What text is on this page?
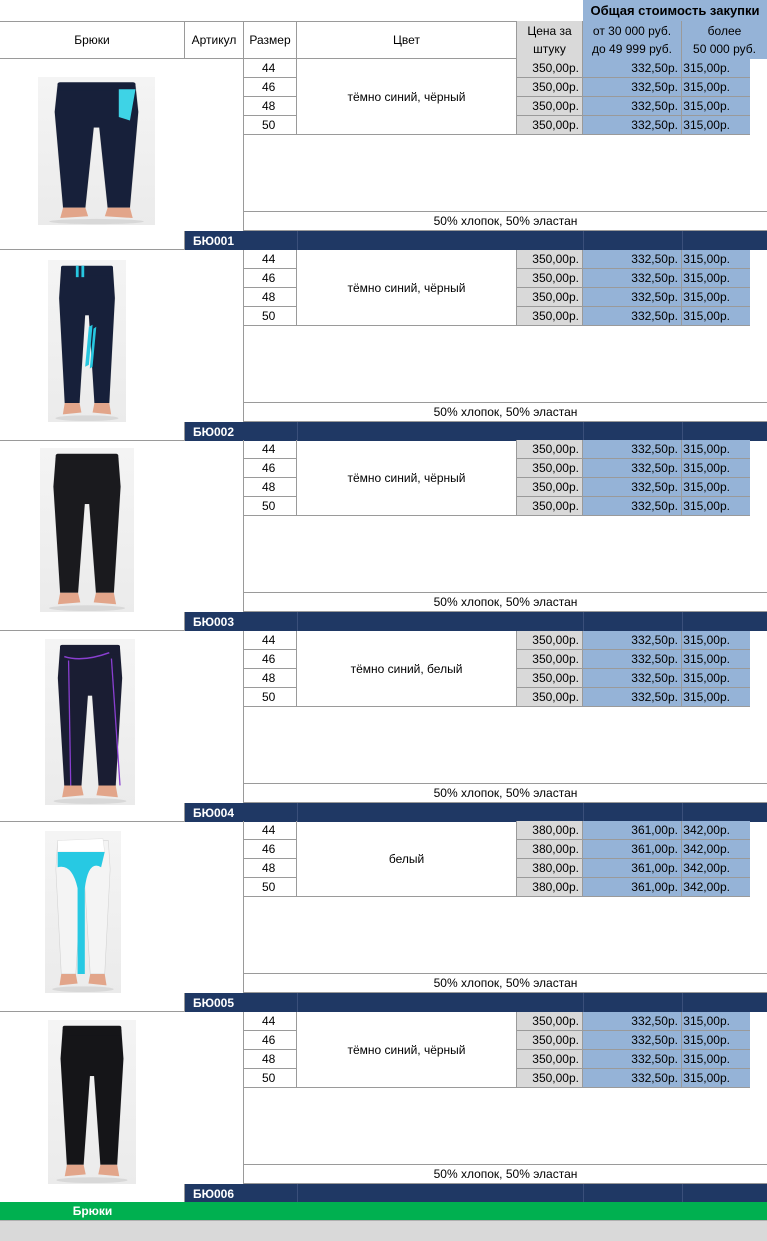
Общая стоимость закупки
Брюки	Артикул	Размер	Цвет
Цена за
штуку
от 30 000 руб.
до 49 999 руб.
более
50 000 руб.
44	350,00р.	332,50р. 315,00р.
46	350,00р.	332,50р. 315,00р.
48	350,00р.	332,50р. 315,00р.
50	350,00р.	332,50р. 315,00р.
тёмно синий, чёрный
50% хлопок, 50% эластан
БЮ001
44	350,00р.	332,50р. 315,00р.
46	350,00р.	332,50р. 315,00р.
48	350,00р.	332,50р. 315,00р.
50	350,00р.	332,50р. 315,00р.
тёмно синий, чёрный
50% хлопок, 50% эластан
БЮ002
44	350,00р.	332,50р. 315,00р.
46	350,00р.	332,50р. 315,00р.
48	350,00р.	332,50р. 315,00р.
50	350,00р.	332,50р. 315,00р.
тёмно синий, чёрный
50% хлопок, 50% эластан
БЮ003
44	350,00р.	332,50р. 315,00р.
46	350,00р.	332,50р. 315,00р.
48	350,00р.	332,50р. 315,00р.
50	350,00р.	332,50р. 315,00р.
тёмно синий, белый
50% хлопок, 50% эластан
БЮ004
44	380,00р.	361,00р. 342,00р.
46	380,00р.	361,00р. 342,00р.
48	380,00р.	361,00р. 342,00р.
50	380,00р.	361,00р. 342,00р.
белый
50% хлопок, 50% эластан
БЮ005
44	350,00р.	332,50р. 315,00р.
46	350,00р.	332,50р. 315,00р.
48	350,00р.	332,50р. 315,00р.
50	350,00р.	332,50р. 315,00р.
тёмно синий, чёрный
50% хлопок, 50% эластан
БЮ006
Брюки
